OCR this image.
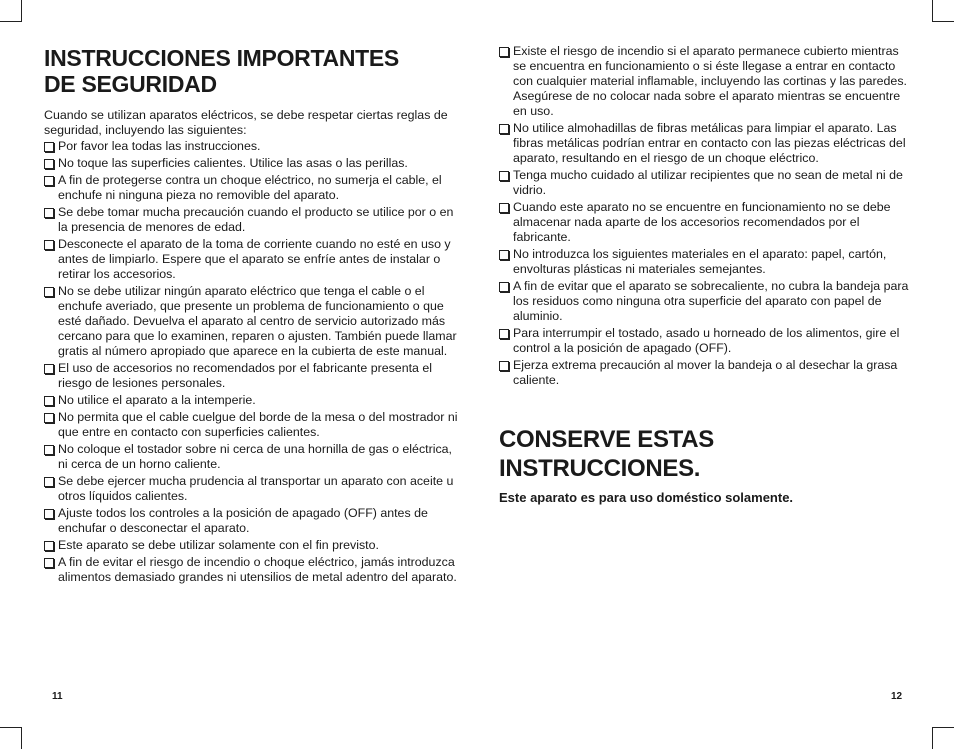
INSTRUCCIONES IMPORTANTES
DE SEGURIDAD

Cuando se utilizan aparatos eléctricos, se debe respetar ciertas reglas de seguridad, incluyendo las siguientes:

Por favor lea todas las instrucciones.
No toque las superficies calientes. Utilice las asas o las perillas.
A fin de protegerse contra un choque eléctrico, no sumerja el cable, el enchufe ni ninguna pieza no removible del aparato.
Se debe tomar mucha precaución cuando el producto se utilice por o en la presencia de menores de edad.
Desconecte el aparato de la toma de corriente cuando no esté en uso y antes de limpiarlo. Espere que el aparato se enfríe antes de instalar o retirar los accesorios.
No se debe utilizar ningún aparato eléctrico que tenga el cable o el enchufe averiado, que presente un problema de funcionamiento o que esté dañado. Devuelva el aparato al centro de servicio autorizado más cercano para que lo examinen, reparen o ajusten. También puede llamar gratis al número apropiado que aparece en la cubierta de este manual.
El uso de accesorios no recomendados por el fabricante presenta el riesgo de lesiones personales.
No utilice el aparato a la intemperie.
No permita que el cable cuelgue del borde de la mesa o del mostrador ni que entre en contacto con superficies calientes.
No coloque el tostador sobre ni cerca de una hornilla de gas o eléctrica, ni cerca de un horno caliente.
Se debe ejercer mucha prudencia al transportar un aparato con aceite u otros líquidos calientes.
Ajuste todos los controles a la posición de apagado (OFF) antes de enchufar o desconectar el aparato.
Este aparato se debe utilizar solamente con el fin previsto.
A fin de evitar el riesgo de incendio o choque eléctrico, jamás introduzca alimentos demasiado grandes ni utensilios de metal adentro del aparato.
Existe el riesgo de incendio si el aparato permanece cubierto mientras se encuentra en funcionamiento o si éste llegase a entrar en contacto con cualquier material inflamable, incluyendo las cortinas y las paredes. Asegúrese de no colocar nada sobre el aparato mientras se encuentre en uso.
No utilice almohadillas de fibras metálicas para limpiar el aparato. Las fibras metálicas podrían entrar en contacto con las piezas eléctricas del aparato, resultando en el riesgo de un choque eléctrico.
Tenga mucho cuidado al utilizar recipientes que no sean de metal ni de vidrio.
Cuando este aparato no se encuentre en funcionamiento no se debe almacenar nada aparte de los accesorios recomendados por el fabricante.
No introduzca los siguientes materiales en el aparato: papel, cartón, envolturas plásticas ni materiales semejantes.
A fin de evitar que el aparato se sobrecaliente, no cubra la bandeja para los residuos como ninguna otra superficie del aparato con papel de aluminio.
Para interrumpir el tostado, asado u horneado de los alimentos, gire el control a la posición de apagado (OFF).
Ejerza extrema precaución al mover la bandeja o al desechar la grasa caliente.
CONSERVE ESTAS
INSTRUCCIONES.

Este aparato es para uso doméstico solamente.

11	12
